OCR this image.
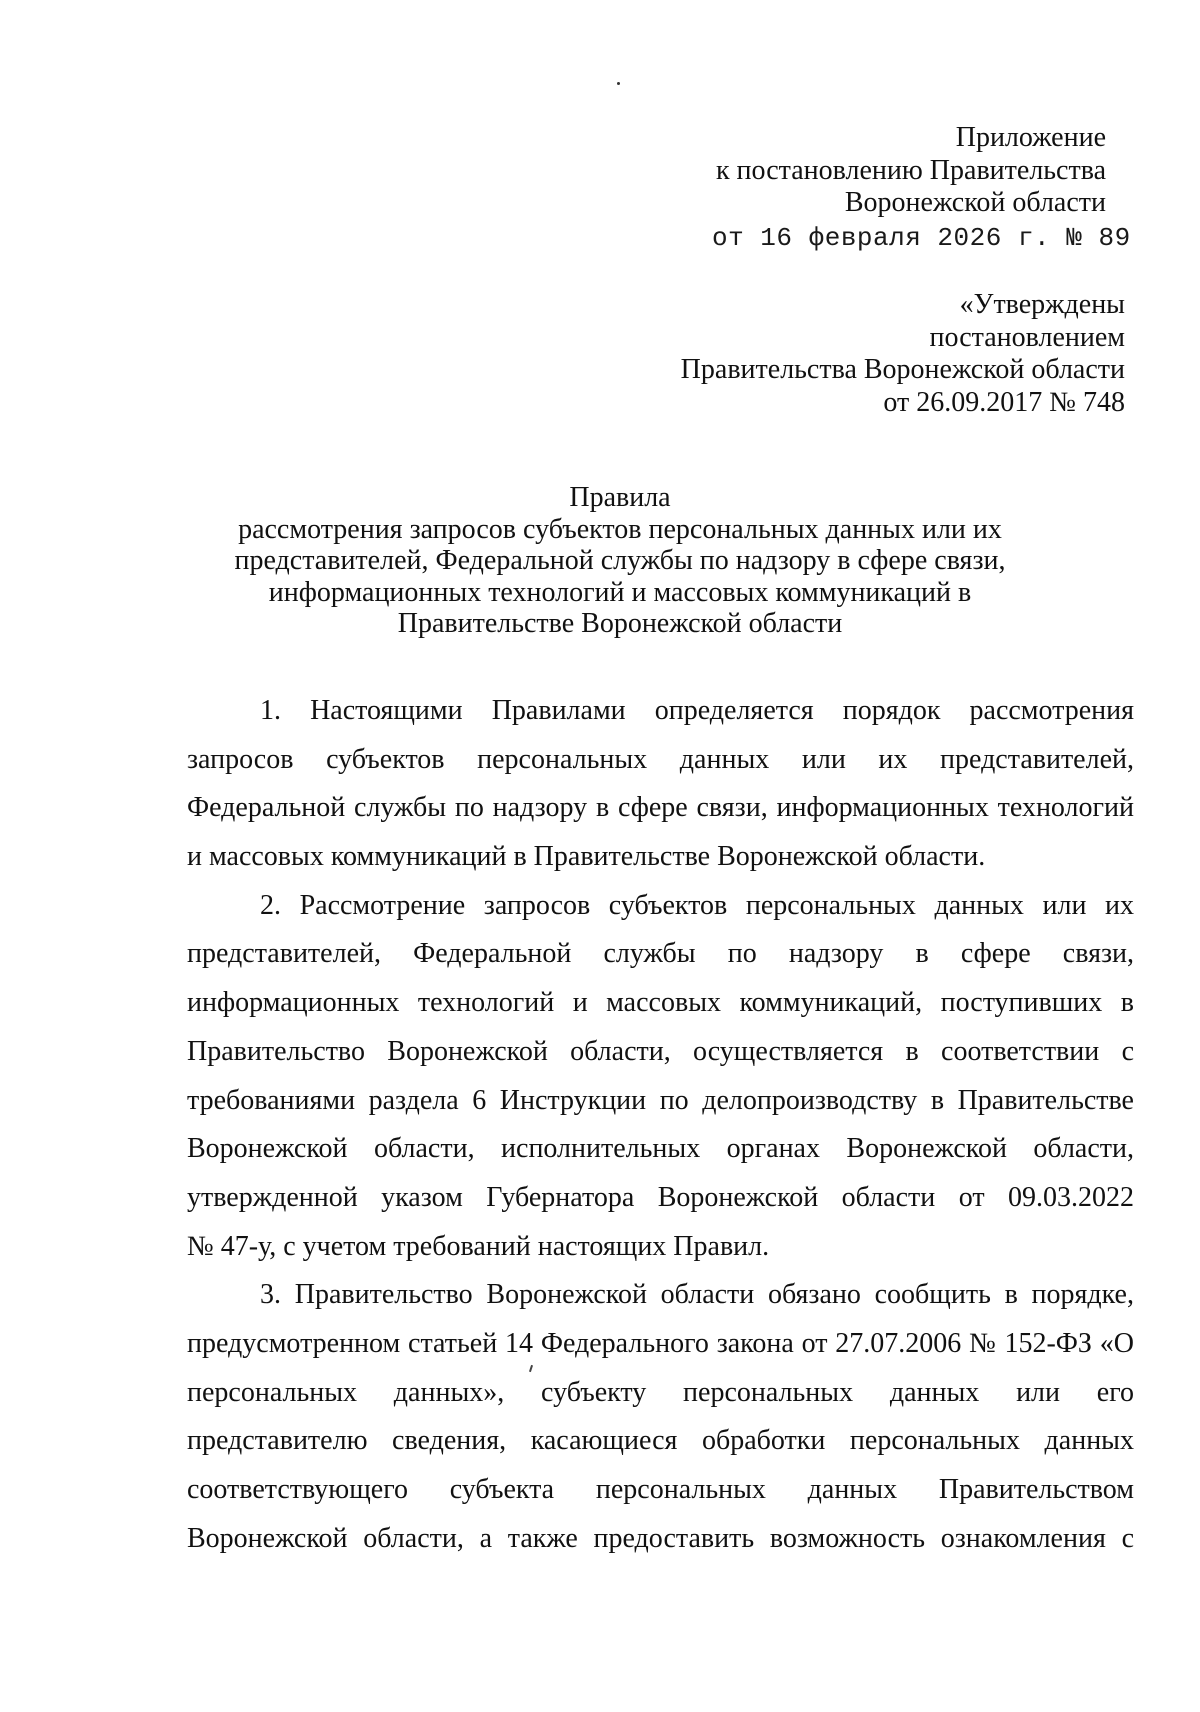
Приложение
к постановлению Правительства
Воронежской области
от 16 февраля 2026 г. № 89
«Утверждены
постановлением
Правительства Воронежской области
от 26.09.2017 № 748
Правила
рассмотрения запросов субъектов персональных данных или их
представителей, Федеральной службы по надзору в сфере связи,
информационных технологий и массовых коммуникаций в
Правительстве Воронежской области
1. Настоящими Правилами определяется порядок рассмотрения
запросов субъектов персональных данных или их представителей,
Федеральной службы по надзору в сфере связи, информационных технологий
и массовых коммуникаций в Правительстве Воронежской области.
2. Рассмотрение запросов субъектов персональных данных или их
представителей, Федеральной службы по надзору в сфере связи,
информационных технологий и массовых коммуникаций, поступивших в
Правительство Воронежской области, осуществляется в соответствии с
требованиями раздела 6 Инструкции по делопроизводству в Правительстве
Воронежской области, исполнительных органах Воронежской области,
утвержденной указом Губернатора Воронежской области от 09.03.2022
№ 47-у, с учетом требований настоящих Правил.
3. Правительство Воронежской области обязано сообщить в порядке,
предусмотренном статьей 14 Федерального закона от 27.07.2006 № 152-ФЗ «О
персональных данных», субъекту персональных данных или его
представителю сведения, касающиеся обработки персональных данных
соответствующего субъекта персональных данных Правительством
Воронежской области, а также предоставить возможность ознакомления с
